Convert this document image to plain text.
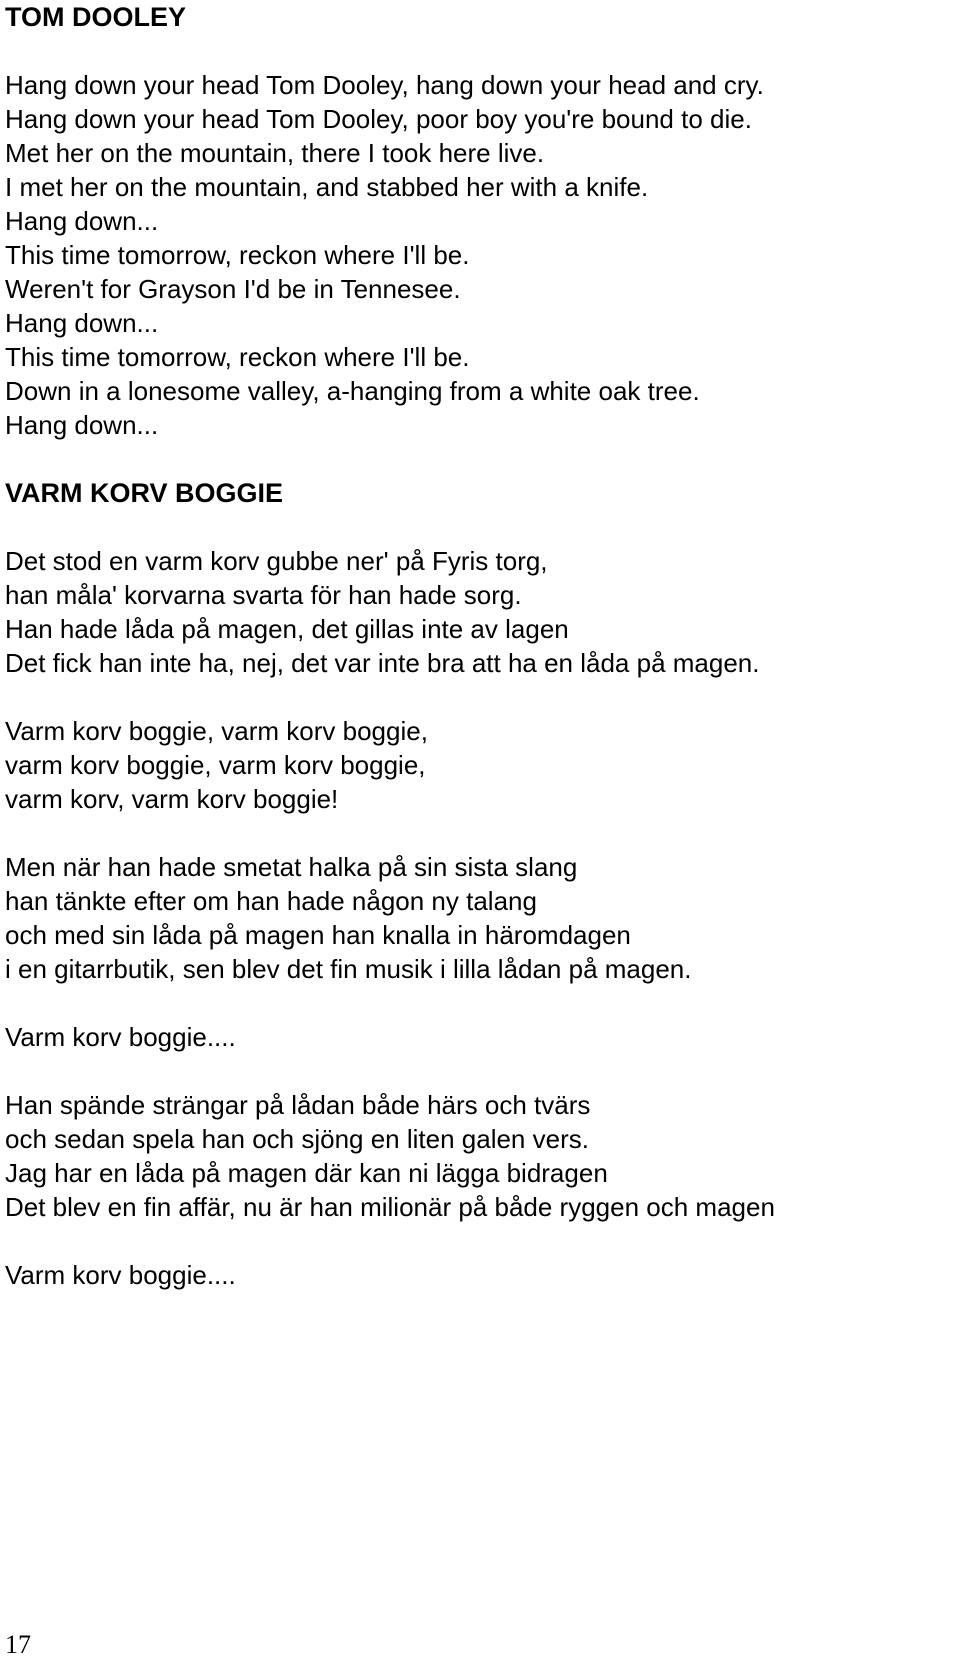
TOM DOOLEY
Hang down your head Tom Dooley, hang down your head and cry.
Hang down your head Tom Dooley, poor boy you're bound to die.
Met her on the mountain, there I took here live.
I met her on the mountain, and stabbed her with a knife.
Hang down...
This time tomorrow, reckon where I'll be.
Weren't for Grayson I'd be in Tennesee.
Hang down...
This time tomorrow, reckon where I'll be.
Down in a lonesome valley, a-hanging from a white oak tree.
Hang down...
VARM KORV BOGGIE
Det stod en varm korv gubbe ner' på Fyris torg,
han måla' korvarna svarta för han hade sorg.
Han hade låda på magen, det gillas inte av lagen
Det fick han inte ha, nej, det var inte bra att ha en låda på magen.
Varm korv boggie, varm korv boggie,
varm korv boggie, varm korv boggie,
varm korv, varm korv boggie!
Men när han hade smetat halka på sin sista slang
han tänkte efter om han hade någon ny talang
och med sin låda på magen han knalla in häromdagen
i en gitarrbutik, sen blev det fin musik i lilla lådan på magen.
Varm korv boggie....
Han spände strängar på lådan både härs och tvärs
och sedan spela han och sjöng en liten galen vers.
Jag har en låda på magen där kan ni lägga bidragen
Det blev en fin affär, nu är han milionär på både ryggen och magen
Varm korv boggie....
17
